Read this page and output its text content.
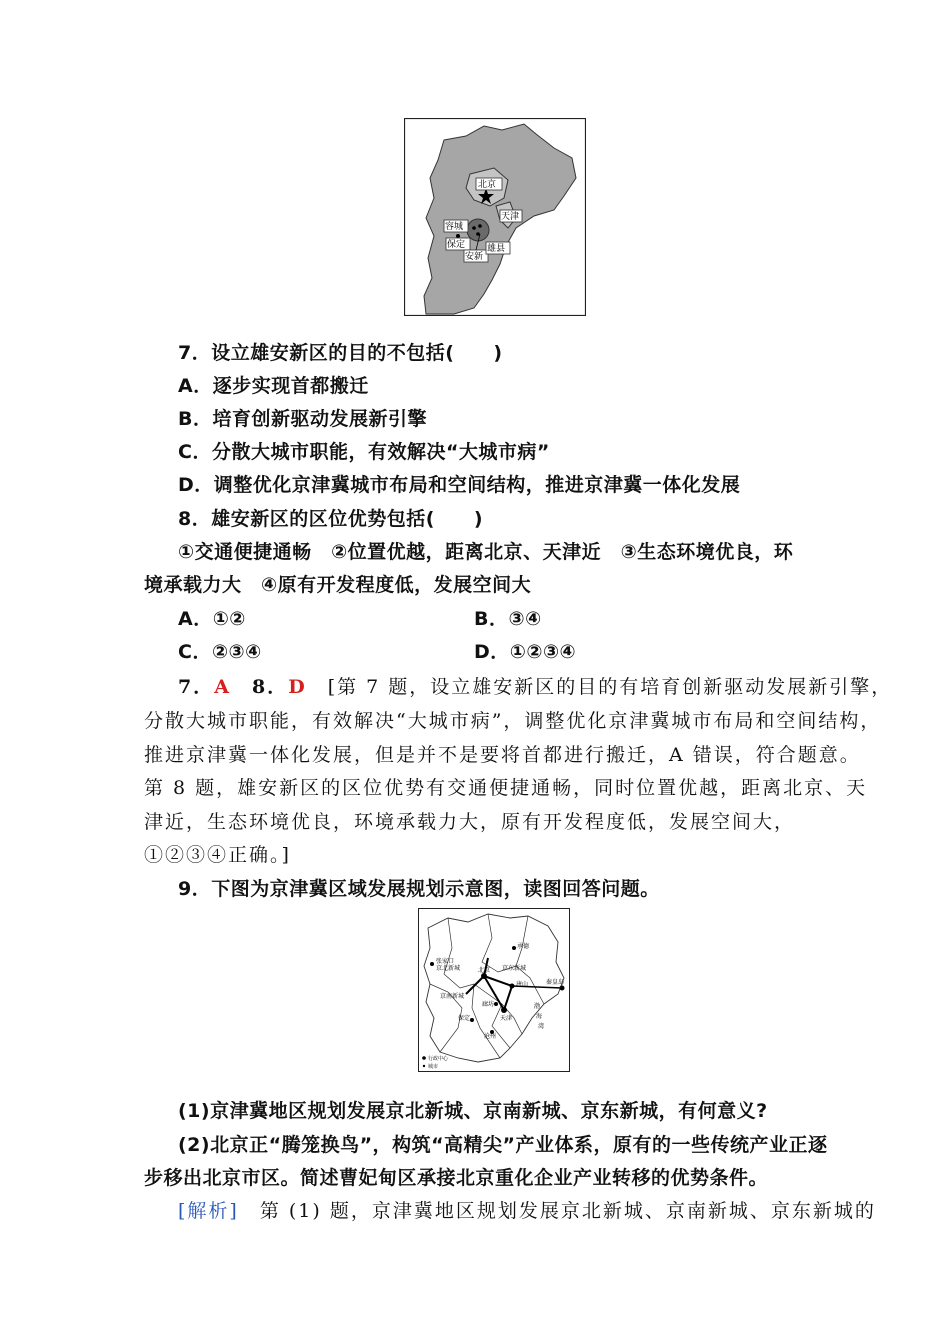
北京
天津
容城
保定
安新
雄县
7．设立雄安新区的目的不包括(　　)
A．逐步实现首都搬迁
B．培育创新驱动发展新引擎
C．分散大城市职能，有效解决“大城市病”
D．调整优化京津冀城市布局和空间结构，推进京津冀一体化发展
8．雄安新区的区位优势包括(　　)
①交通便捷通畅　②位置优越，距离北京、天津近　③生态环境优良，环
境承载力大　④原有开发程度低，发展空间大
A．①②	B．③④
C．②③④	D．①②③④
7．A　8．D　[第 7 题，设立雄安新区的目的有培育创新驱动发展新引擎，
分散大城市职能，有效解决“大城市病”，调整优化京津冀城市布局和空间结构，
推进京津冀一体化发展，但是并不是要将首都进行搬迁，A 错误，符合题意。
第 8 题，雄安新区的区位优势有交通便捷通畅，同时位置优越，距离北京、天
津近，生态环境优良，环境承载力大，原有开发程度低，发展空间大，
①②③④正确。]
9．下图为京津冀区域发展规划示意图，读图回答问题。
张家口
京北新城
承德
京东新城
北京
唐山	秦皇岛
京南新城
廊坊
保定	天津
沧州
渤
海
湾
行政中心
城市
(1)京津冀地区规划发展京北新城、京南新城、京东新城，有何意义?
(2)北京正“腾笼换鸟”，构筑“高精尖”产业体系，原有的一些传统产业正逐
步移出北京市区。简述曹妃甸区承接北京重化企业产业转移的优势条件。
[解析]　第 (1) 题，京津冀地区规划发展京北新城、京南新城、京东新城的
